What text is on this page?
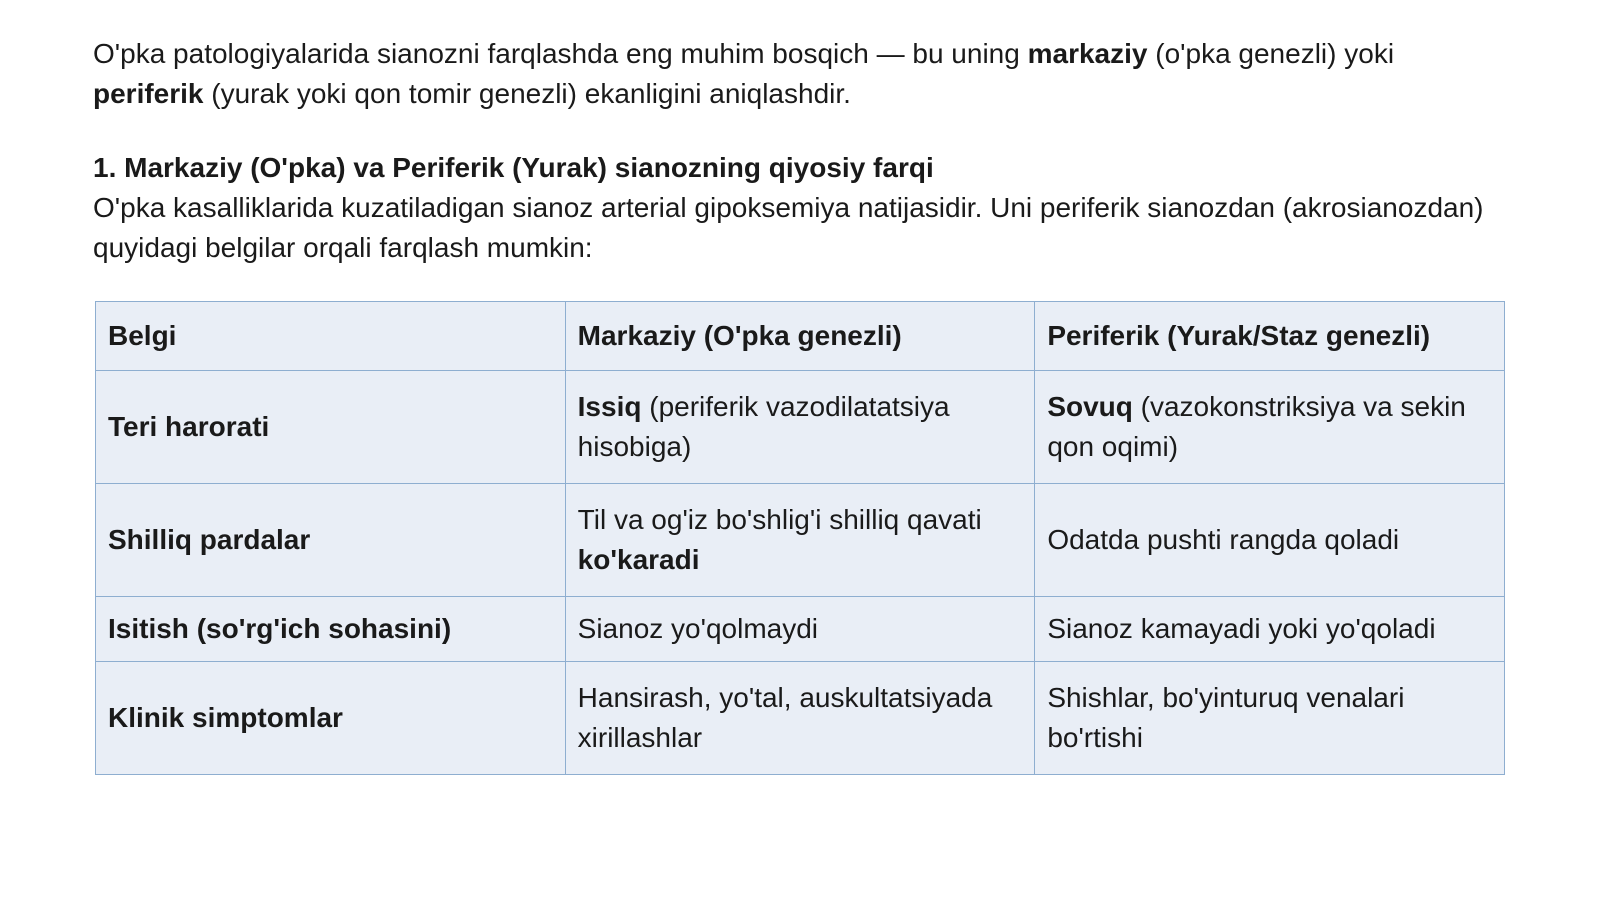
O'pka patologiyalarida sianozni farqlashda eng muhim bosqich — bu uning markaziy (o'pka genezli) yoki periferik (yurak yoki qon tomir genezli) ekanligini aniqlashdir.

1. Markaziy (O'pka) va Periferik (Yurak) sianozning qiyosiy farqi

O'pka kasalliklarida kuzatiladigan sianoz arterial gipoksemiya natijasidir. Uni periferik sianozdan (akrosianozdan) quyidagi belgilar orqali farqlash mumkin:

Belgi	Markaziy (O'pka genezli)	Periferik (Yurak/Staz genezli)
Teri harorati	Issiq (periferik vazodilatatsiya hisobiga)	Sovuq (vazokonstriksiya va sekin qon oqimi)
Shilliq pardalar	Til va og'iz bo'shlig'i shilliq qavati ko'karadi	Odatda pushti rangda qoladi
Isitish (so'rg'ich sohasini)	Sianoz yo'qolmaydi	Sianoz kamayadi yoki yo'qoladi
Klinik simptomlar	Hansirash, yo'tal, auskultatsiyada xirillashlar	Shishlar, bo'yinturuq venalari bo'rtishi
